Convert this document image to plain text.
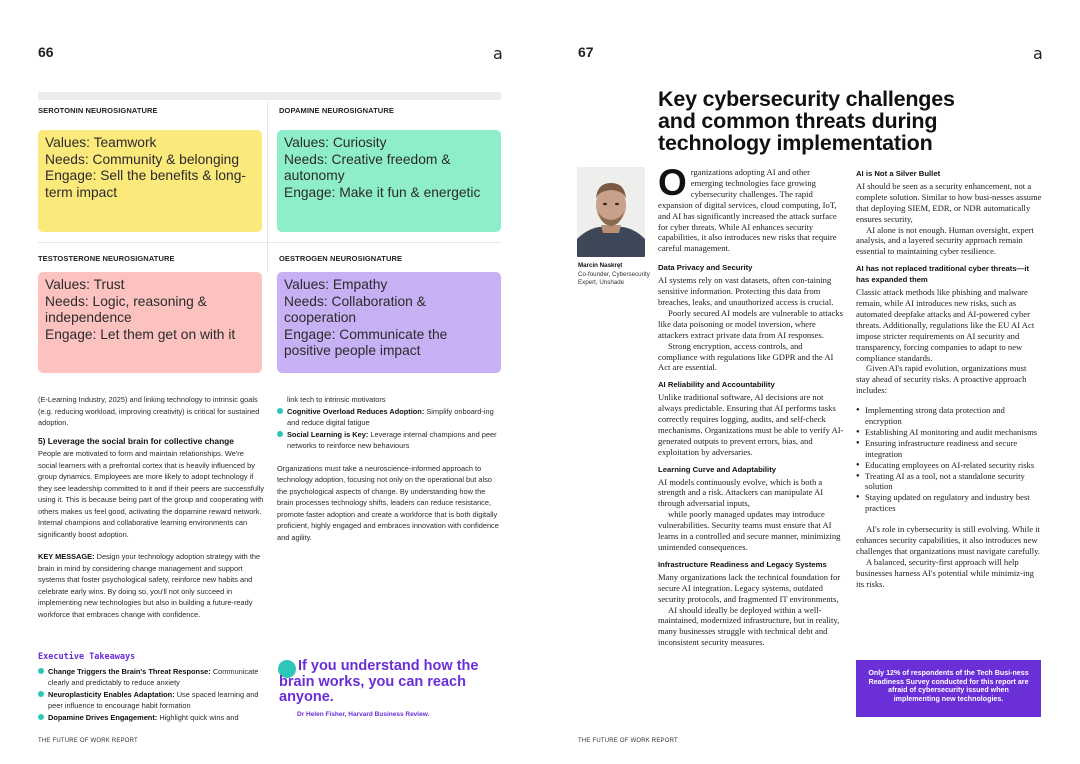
66	a
SEROTONIN NEUROSIGNATURE	DOPAMINE NEUROSIGNATURE
TESTOSTERONE NEUROSIGNATURE	OESTROGEN NEUROSIGNATURE
Values: Teamwork
Needs: Community & belonging
Engage: Sell the benefits & long-term impact
Values: Curiosity
Needs: Creative freedom & autonomy
Engage: Make it fun & energetic
Values: Trust
Needs: Logic, reasoning & independence
Engage: Let them get on with it
Values: Empathy
Needs: Collaboration & cooperation
Engage: Communicate the positive people impact

(E-Learning Industry, 2025) and linking technology to intrinsic goals (e.g. reducing workload, improving creativity) is critical for sustained adoption.

5) Leverage the social brain for collective change

People are motivated to form and maintain relationships. We're social learners with a prefrontal cortex that is heavily influenced by group dynamics. Employees are more likely to adopt technology if they see leadership committed to it and if their peers are successfully using it. This is because being part of the group and cooperating with others makes us feel good, activating the dopamine reward network. Internal champions and collaborative learning environments can significantly boost adoption.

KEY MESSAGE: Design your technology adoption strategy with the brain in mind by considering change management and support systems that foster psychological safety, reinforce new habits and celebrate early wins. By doing so, you'll not only succeed in implementing new technologies but also in building a future-ready workforce that embraces change with confidence.

Executive Takeaways

Change Triggers the Brain's Threat Response: Communicate clearly and predictably to reduce anxiety
Neuroplasticity Enables Adaptation: Use spaced learning and peer influence to encourage habit formation
Dopamine Drives Engagement: Highlight quick wins and

link tech to intrinsic motivators

Cognitive Overload Reduces Adoption: Simplify onboard-ing and reduce digital fatigue
Social Learning is Key: Leverage internal champions and peer networks to reinforce new behaviours

Organizations must take a neuroscience-informed approach to technology adoption, focusing not only on the operational but also the psychological aspects of change. By understanding how the brain processes technology shifts, leaders can reduce resistance, promote faster adoption and create a workforce that is both digitally proficient, highly engaged and embraces innovation with confidence and agility.

If you understand how the brain works, you can reach anyone.
Dr Helen Fisher, Harvard Business Review.
THE FUTURE OF WORK REPORT
67	a
Key cybersecurity challenges and common threats during technology implementation
Marcin Naskręt
Co-founder, Cybersecurity Expert, Unshade

Organizations adopting AI and other emerging technologies face growing cybersecurity challenges. The rapid expansion of digital services, cloud computing, IoT, and AI has significantly increased the attack surface for cyber threats. While AI enhances security capabilities, it also introduces new risks that require careful management.

Data Privacy and Security

AI systems rely on vast datasets, often con-taining sensitive information. Protecting this data from breaches, leaks, and unauthorized access is crucial.

Poorly secured AI models are vulnerable to attacks like data poisoning or model inversion, where attackers extract private data from AI responses.

Strong encryption, access controls, and compliance with regulations like GDPR and the AI Act are essential.

AI Reliability and Accountability

Unlike traditional software, AI decisions are not always predictable. Ensuring that AI performs tasks correctly requires logging, audits, and self-check mechanisms. Organizations must be able to verify AI-generated outputs to prevent errors, bias, and exploitation by adversaries.

Learning Curve and Adaptability

AI models continuously evolve, which is both a strength and a risk. Attackers can manipulate AI through adversarial inputs,

while poorly managed updates may introduce vulnerabilities. Security teams must ensure that AI learns in a controlled and secure manner, minimizing unintended consequences.

Infrastructure Readiness and Legacy Systems

Many organizations lack the technical foundation for secure AI integration. Legacy systems, outdated security protocols, and fragmented IT environments,

AI should ideally be deployed within a well-maintained, modernized infrastructure, but in reality, many businesses struggle with technical debt and inconsistent security measures.

AI is Not a Silver Bullet

AI should be seen as a security enhancement, not a complete solution. Similar to how busi-nesses assume that deploying SIEM, EDR, or NDR automatically ensures security,

AI alone is not enough. Human oversight, expert analysis, and a layered security approach remain essential to maintaining cyber resilience.

AI has not replaced traditional cyber threats—it has expanded them

Classic attack methods like phishing and malware remain, while AI introduces new risks, such as automated deepfake attacks and AI-powered cyber threats. Additionally, regulations like the EU AI Act impose stricter requirements on AI security and transparency, forcing companies to adapt to new compliance standards.

Given AI's rapid evolution, organizations must stay ahead of security risks. A proactive approach includes:

● Implementing strong data protection and encryption
● Establishing AI monitoring and audit mechanisms
● Ensuring infrastructure readiness and secure integration
● Educating employees on AI-related security risks
● Treating AI as a tool, not a standalone security solution
● Staying updated on regulatory and industry best practices

AI's role in cybersecurity is still evolving. While it enhances security capabilities, it also introduces new challenges that organizations must navigate carefully.

A balanced, security-first approach will help businesses harness AI's potential while minimiz-ing its risks.

Only 12% of respondents of the Tech Busi-ness Readiness Survey conducted for this report are afraid of cybersecurity issued when implementing new technologies.
THE FUTURE OF WORK REPORT
